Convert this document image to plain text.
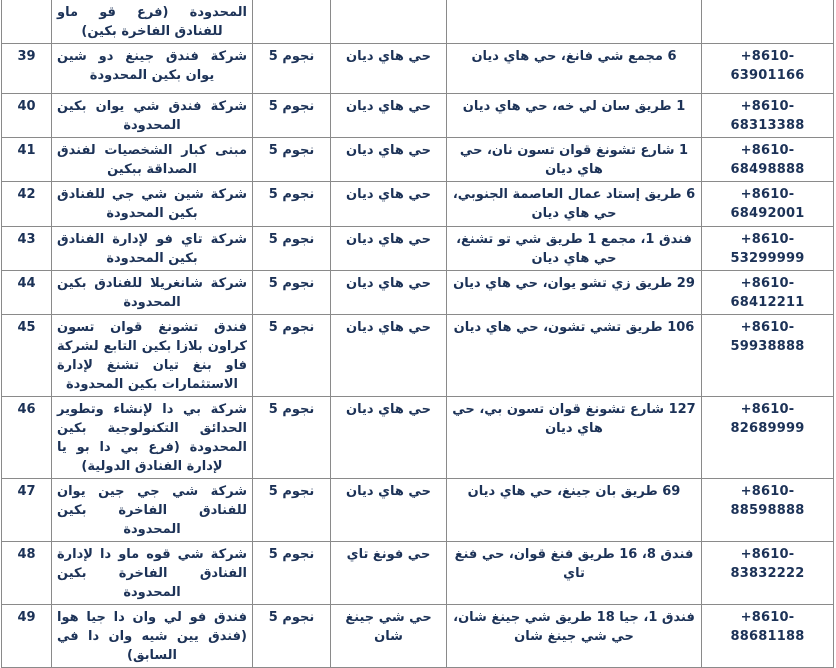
	المحدودة (فرع قو ماو للفنادق الفاخرة بكين)				
39	شركة فندق جينغ دو شين يوان بكين المحدودة	5 نجوم	حي هاي ديان	6 مجمع شي فانغ، حي هاي ديان	+8610-63901166
40	شركة فندق شي يوان بكين المحدودة	5 نجوم	حي هاي ديان	1 طريق سان لي خه، حي هاي ديان	+8610-68313388
41	مبنى كبار الشخصيات لفندق الصداقة ببكين	5 نجوم	حي هاي ديان	1 شارع تشونغ قوان تسون نان، حي هاي ديان	+8610-68498888
42	شركة شين شي جي للفنادق بكين المحدودة	5 نجوم	حي هاي ديان	6 طريق إستاد عمال العاصمة الجنوبي، حي هاي ديان	+8610-68492001
43	شركة تاي فو لإدارة الفنادق بكين المحدودة	5 نجوم	حي هاي ديان	فندق 1، مجمع 1 طريق شي تو تشنغ، حي هاي ديان	+8610-53299999
44	شركة شانغريلا للفنادق بكين المحدودة	5 نجوم	حي هاي ديان	29 طريق زي تشو يوان، حي هاي ديان	+8610-68412211
45	فندق تشونغ قوان تسون كراون بلازا بكين التابع لشركة فاو بنغ تيان تشنغ لإدارة الاستثمارات بكين المحدودة	5 نجوم	حي هاي ديان	106 طريق تشي تشون، حي هاي ديان	+8610-59938888
46	شركة بي دا لإنشاء وتطوير الحدائق التكنولوجية بكين المحدودة (فرع بي دا بو يا لإدارة الفنادق الدولية)	5 نجوم	حي هاي ديان	127 شارع تشونغ قوان تسون بي، حي هاي ديان	+8610-82689999
47	شركة شي جي جين يوان للفنادق الفاخرة بكين المحدودة	5 نجوم	حي هاي ديان	69 طريق بان جينغ، حي هاي ديان	+8610-88598888
48	شركة شي قوه ماو دا لإدارة الفنادق الفاخرة بكين المحدودة	5 نجوم	حي فونغ تاي	فندق 8، 16 طريق فنغ قوان، حي فنغ تاي	+8610-83832222
49	فندق فو لي وان دا جيا هوا (فندق يين شيه وان دا في السابق)	5 نجوم	حي شي جينغ شان	فندق 1، جيا 18 طريق شي جينغ شان، حي شي جينغ شان	+8610-88681188
